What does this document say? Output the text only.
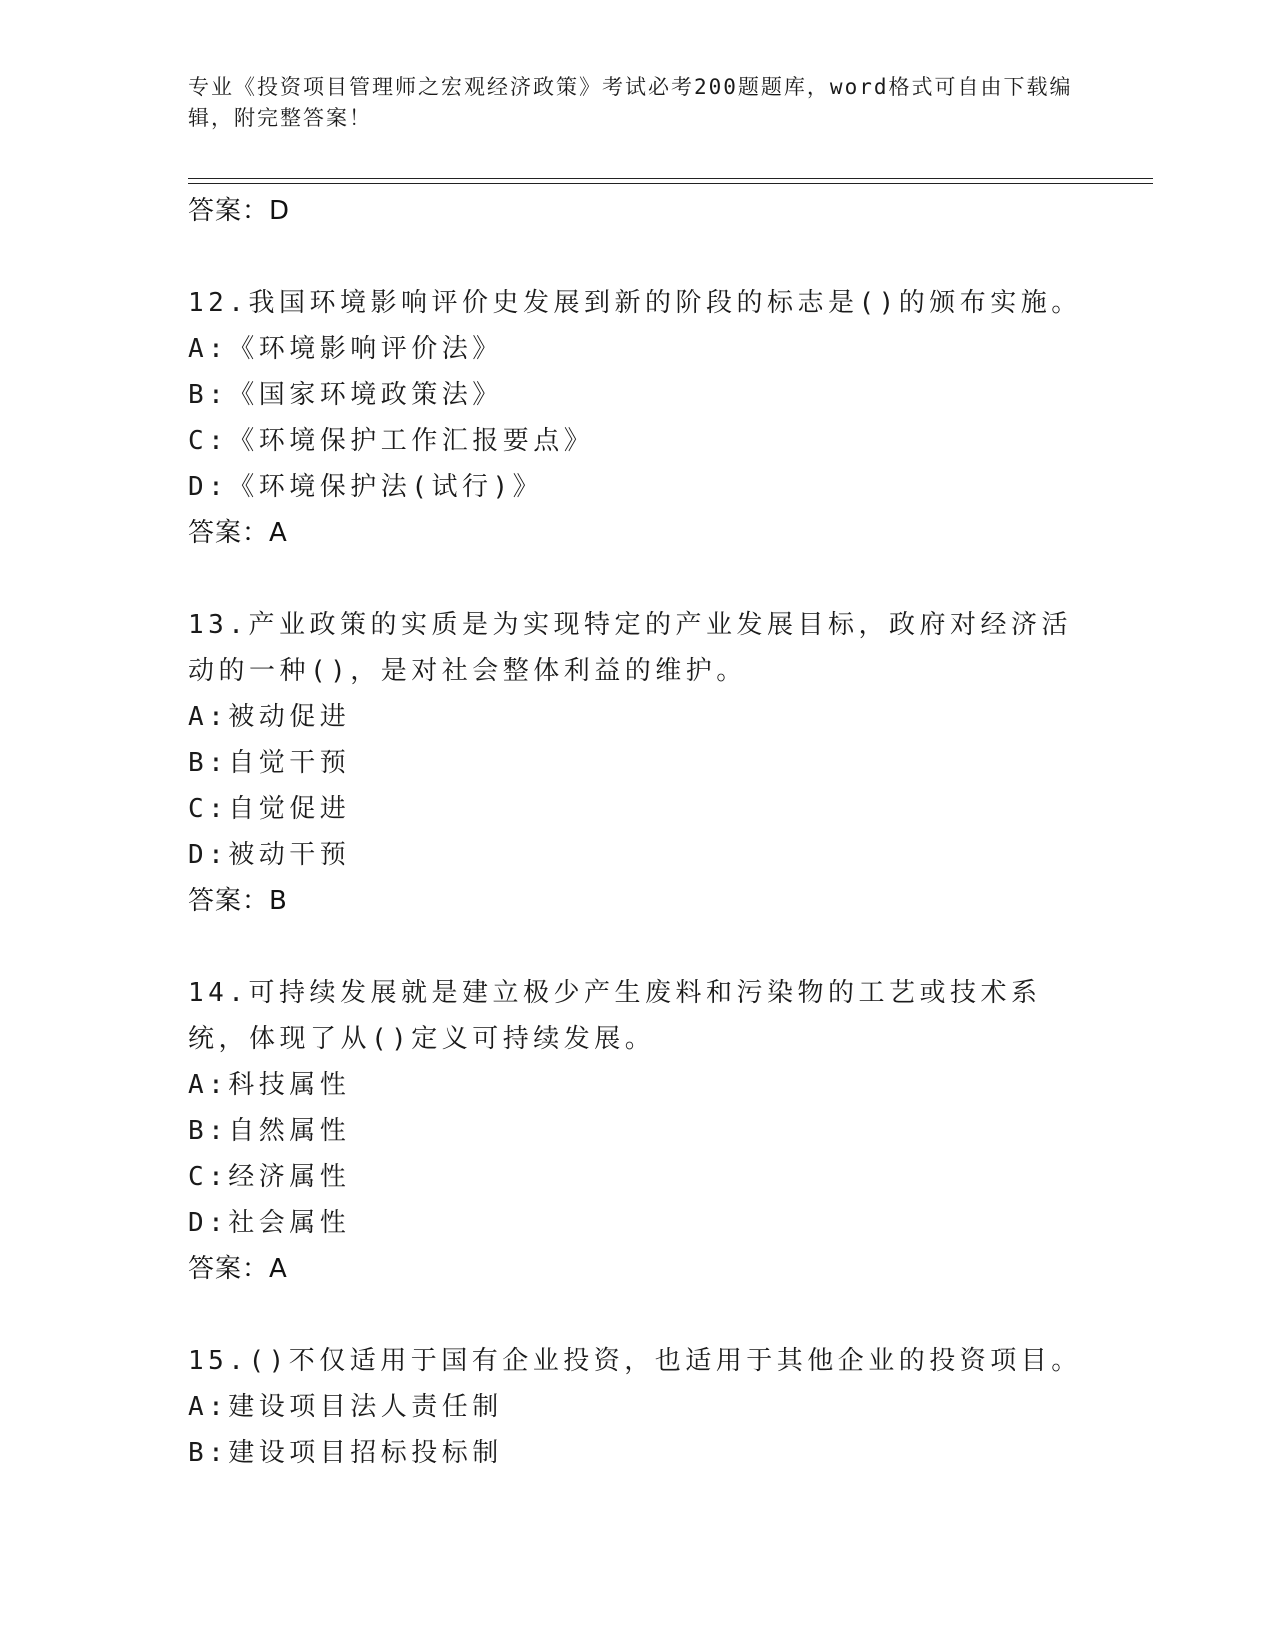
专业《投资项目管理师之宏观经济政策》考试必考200题题库，word格式可自由下载编辑，附完整答案！
答案：D
12.我国环境影响评价史发展到新的阶段的标志是()的颁布实施。
A:《环境影响评价法》
B:《国家环境政策法》
C:《环境保护工作汇报要点》
D:《环境保护法(试行)》
答案：A
13.产业政策的实质是为实现特定的产业发展目标，政府对经济活动的一种()，是对社会整体利益的维护。
A:被动促进
B:自觉干预
C:自觉促进
D:被动干预
答案：B
14.可持续发展就是建立极少产生废料和污染物的工艺或技术系统，体现了从()定义可持续发展。
A:科技属性
B:自然属性
C:经济属性
D:社会属性
答案：A
15.()不仅适用于国有企业投资，也适用于其他企业的投资项目。
A:建设项目法人责任制
B:建设项目招标投标制
